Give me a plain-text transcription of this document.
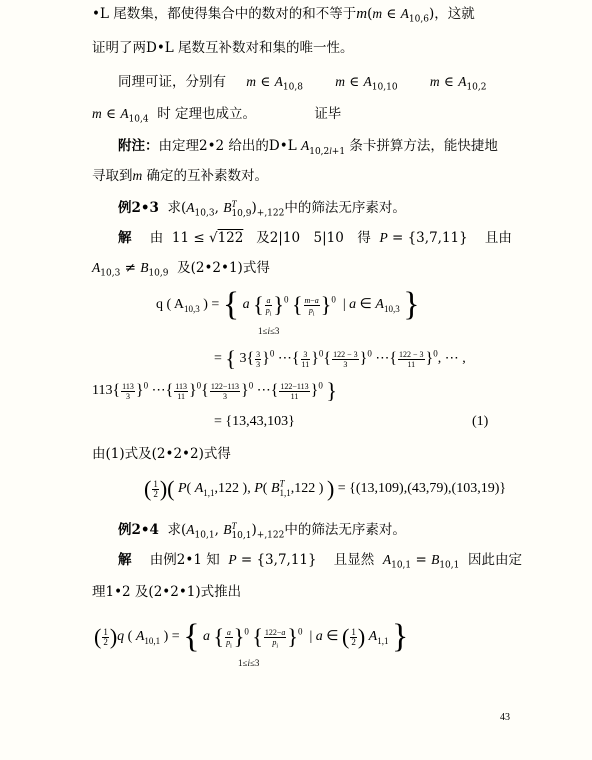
•L 尾数集，都使得集合中的数对的和不等于m(m ∈ $A_{10,6}$)，这就
证明了两D•L 尾数互补数对和集的唯一性。
同理可证，分别有 m ∈ $A_{10,8}$ m ∈ $A_{10,10}$ m ∈ $A_{10,2}$
m ∈ $A_{10,4}$ 时 定理也成立。	证毕
附注：由定理2•2 给出的D•L $A_{10,2l+1}$ 条卡拼算方法，能快捷地
寻取到m 确定的互补素数对。
例2•3 求($A_{10,3}$, $B^T_{10,9})_{+,122}$中的筛法无序素对。
解 由  11 ≤ √122 及2|10　5|10　得 P = {3,7,11}    且由
$A_{10,3} \ne B_{10,9}$ 及(2•2•1)式得
q ( $A_{10,3}$ ) = { a { $\frac{a}{p_i} \}^0$ { $\frac{m-a}{p_i} \}^0$  | a ∈ $A_{10,3}$ }
1≤i≤3
= { $3\{ \frac{3}{3} \}^0$ ⋯{ $\frac{3}{11} \}^0\{ \frac{122 - 3}{3} \}^0$ ⋯{ $\frac{122 - 3}{11} \}^0$, ⋯ ,
$113\{ \frac{113}{3} \}^0$ ⋯{ $\frac{113}{11} \}^0\{ \frac{122-113}{3} \}^0$ ⋯{ $\frac{122-113}{11} \}^0$ }
= {13,43,103}	(1)
由(1)式及(2•2•2)式得
( $\frac{1}{2}$ )( P( $A_{1,1},122$ ), P( $B^T_{1,1},122$ ) ) = {(13,109),(43,79),(103,19)}
例2•4 求($A_{10,1}$, $B^T_{10,1})_{+,122}$中的筛法无序素对。
解 由例2•1 知 P = {3,7,11}    且显然 $A_{10,1} = B_{10,1}$ 因此由定
理1•2 及(2•2•1)式推出
( $\frac{1}{2} )q$ ( $A_{10,1}$ ) = { a { $\frac{a}{p_i} \}^0$ { $\frac{122-a}{p_i} \}^0$  | a ∈ ( $\frac{1}{2}$ ) $A_{1,1}$ }
1≤i≤3
43
